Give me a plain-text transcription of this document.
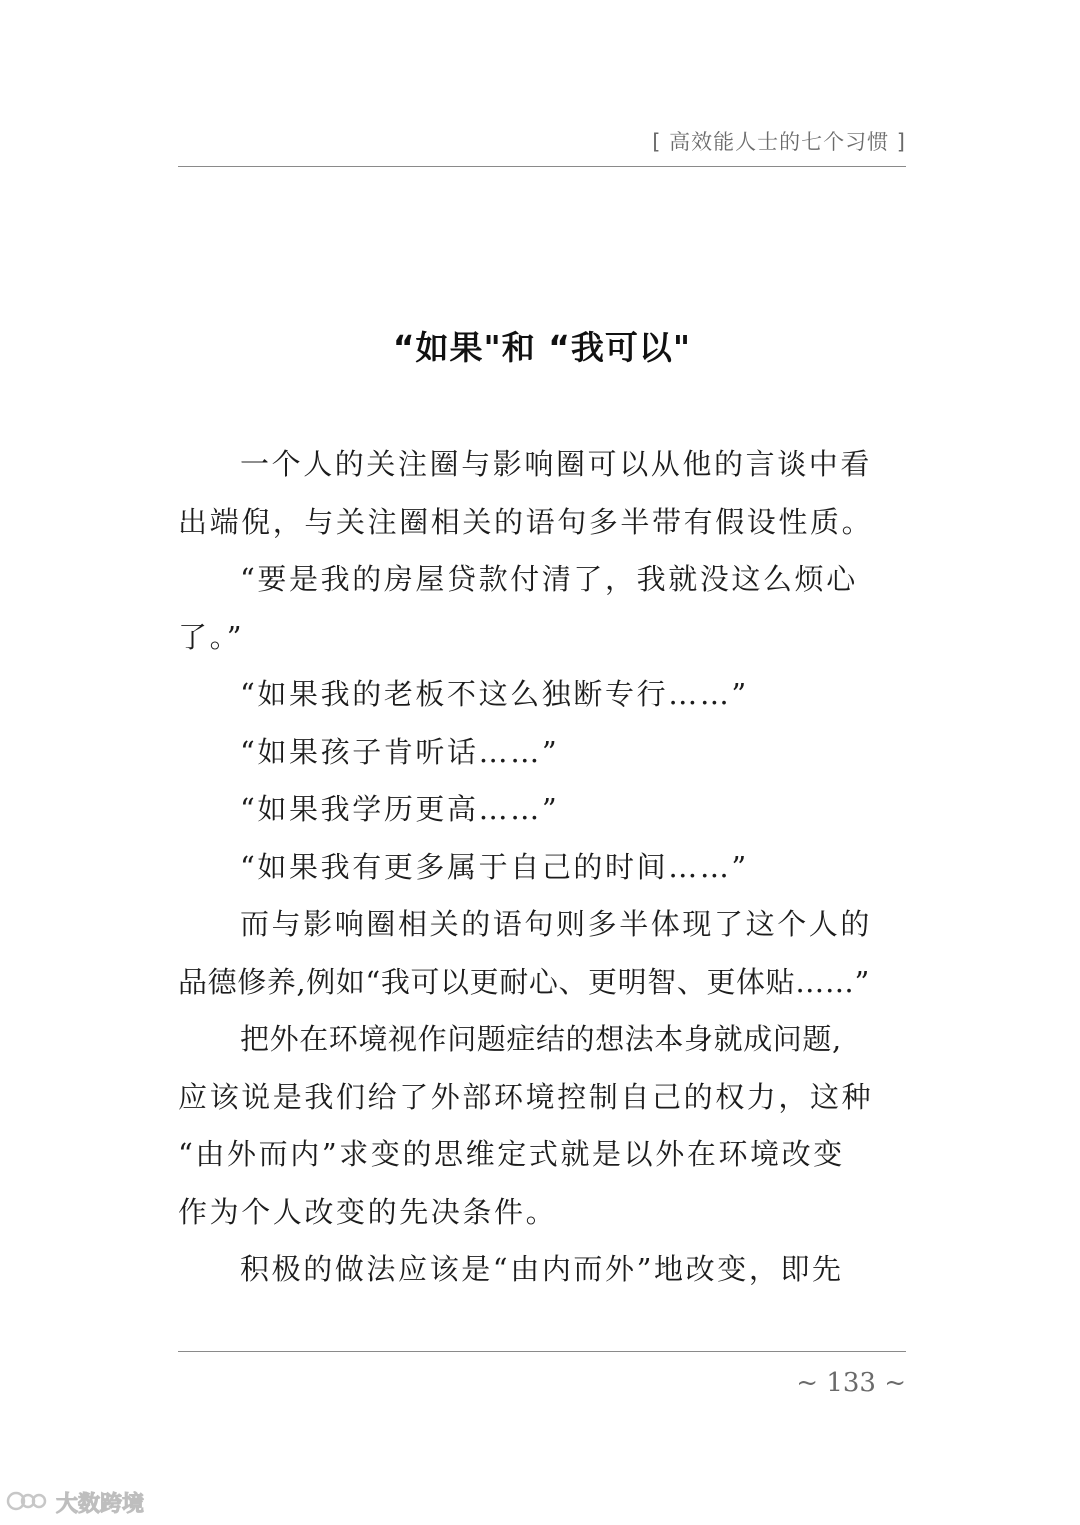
[ 高效能人士的七个习惯 ]
“如果"和 “我可以"
一个人的关注圈与影响圈可以从他的言谈中看
出端倪，与关注圈相关的语句多半带有假设性质。
“要是我的房屋贷款付清了，我就没这么烦心
了。”
“如果我的老板不这么独断专行……”
“如果孩子肯听话……”
“如果我学历更高……”
“如果我有更多属于自己的时间……”
而与影响圈相关的语句则多半体现了这个人的
品德修养,例如“我可以更耐心、更明智、更体贴……”
把外在环境视作问题症结的想法本身就成问题,
应该说是我们给了外部环境控制自己的权力，这种
“由外而内”求变的思维定式就是以外在环境改变
作为个人改变的先决条件。
积极的做法应该是“由内而外”地改变，即先
~ 133 ~
大数跨境
